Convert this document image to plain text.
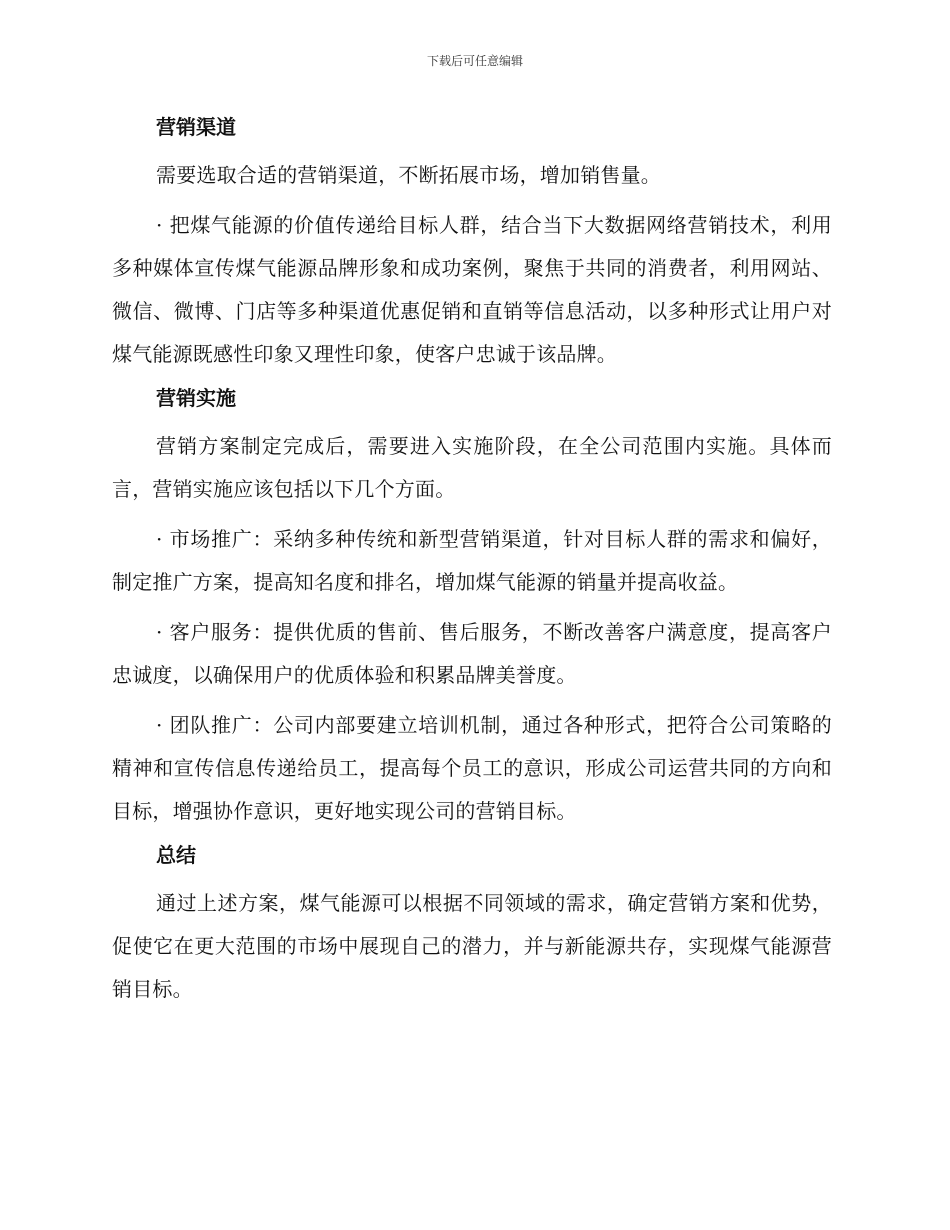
下载后可任意编辑
营销渠道

需要选取合适的营销渠道，不断拓展市场，增加销售量。

· 把煤气能源的价值传递给目标人群，结合当下大数据网络营销技术，利用多种媒体宣传煤气能源品牌形象和成功案例，聚焦于共同的消费者，利用网站、微信、微博、门店等多种渠道优惠促销和直销等信息活动，以多种形式让用户对煤气能源既感性印象又理性印象，使客户忠诚于该品牌。

营销实施

营销方案制定完成后，需要进入实施阶段，在全公司范围内实施。具体而言，营销实施应该包括以下几个方面。

· 市场推广：采纳多种传统和新型营销渠道，针对目标人群的需求和偏好，制定推广方案，提高知名度和排名，增加煤气能源的销量并提高收益。

· 客户服务：提供优质的售前、售后服务，不断改善客户满意度，提高客户忠诚度，以确保用户的优质体验和积累品牌美誉度。

· 团队推广：公司内部要建立培训机制，通过各种形式，把符合公司策略的精神和宣传信息传递给员工，提高每个员工的意识，形成公司运营共同的方向和目标，增强协作意识，更好地实现公司的营销目标。

总结

通过上述方案，煤气能源可以根据不同领域的需求，确定营销方案和优势，促使它在更大范围的市场中展现自己的潜力，并与新能源共存，实现煤气能源营销目标。
